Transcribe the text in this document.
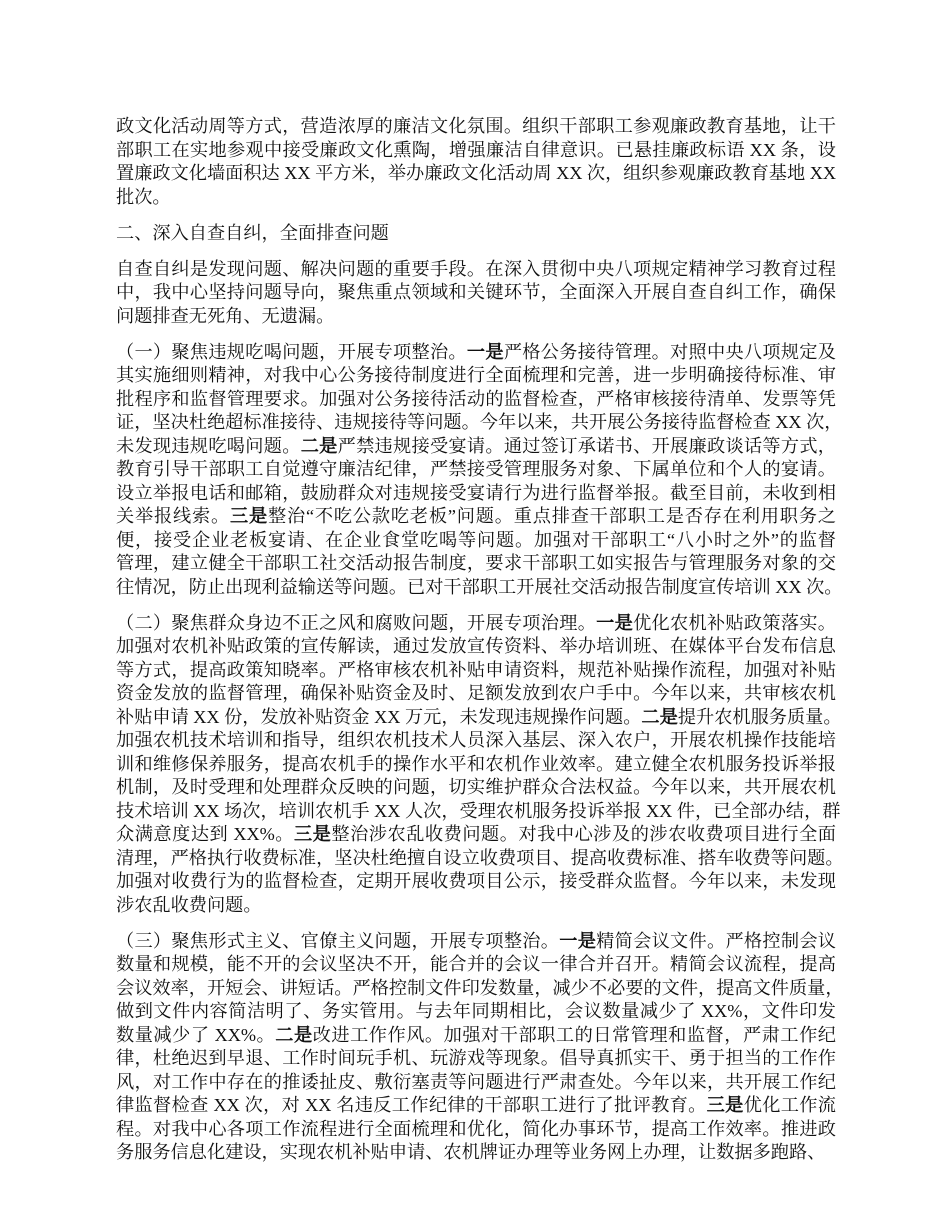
政文化活动周等方式，营造浓厚的廉洁文化氛围。组织干部职工参观廉政教育基地，让干
部职工在实地参观中接受廉政文化熏陶，增强廉洁自律意识。已悬挂廉政标语 XX 条，设
置廉政文化墙面积达 XX 平方米，举办廉政文化活动周 XX 次，组织参观廉政教育基地 XX
批次。
二、深入自查自纠，全面排查问题
自查自纠是发现问题、解决问题的重要手段。在深入贯彻中央八项规定精神学习教育过程
中，我中心坚持问题导向，聚焦重点领域和关键环节，全面深入开展自查自纠工作，确保
问题排查无死角、无遗漏。
（一）聚焦违规吃喝问题，开展专项整治。一是严格公务接待管理。对照中央八项规定及
其实施细则精神，对我中心公务接待制度进行全面梳理和完善，进一步明确接待标准、审
批程序和监督管理要求。加强对公务接待活动的监督检查，严格审核接待清单、发票等凭
证，坚决杜绝超标准接待、违规接待等问题。今年以来，共开展公务接待监督检查 XX 次，
未发现违规吃喝问题。二是严禁违规接受宴请。通过签订承诺书、开展廉政谈话等方式，
教育引导干部职工自觉遵守廉洁纪律，严禁接受管理服务对象、下属单位和个人的宴请。
设立举报电话和邮箱，鼓励群众对违规接受宴请行为进行监督举报。截至目前，未收到相
关举报线索。三是整治“不吃公款吃老板”问题。重点排查干部职工是否存在利用职务之
便，接受企业老板宴请、在企业食堂吃喝等问题。加强对干部职工“八小时之外”的监督
管理，建立健全干部职工社交活动报告制度，要求干部职工如实报告与管理服务对象的交
往情况，防止出现利益输送等问题。已对干部职工开展社交活动报告制度宣传培训 XX 次。
（二）聚焦群众身边不正之风和腐败问题，开展专项治理。一是优化农机补贴政策落实。
加强对农机补贴政策的宣传解读，通过发放宣传资料、举办培训班、在媒体平台发布信息
等方式，提高政策知晓率。严格审核农机补贴申请资料，规范补贴操作流程，加强对补贴
资金发放的监督管理，确保补贴资金及时、足额发放到农户手中。今年以来，共审核农机
补贴申请 XX 份，发放补贴资金 XX 万元，未发现违规操作问题。二是提升农机服务质量。
加强农机技术培训和指导，组织农机技术人员深入基层、深入农户，开展农机操作技能培
训和维修保养服务，提高农机手的操作水平和农机作业效率。建立健全农机服务投诉举报
机制，及时受理和处理群众反映的问题，切实维护群众合法权益。今年以来，共开展农机
技术培训 XX 场次，培训农机手 XX 人次，受理农机服务投诉举报 XX 件，已全部办结，群
众满意度达到 XX%。三是整治涉农乱收费问题。对我中心涉及的涉农收费项目进行全面
清理，严格执行收费标准，坚决杜绝擅自设立收费项目、提高收费标准、搭车收费等问题。
加强对收费行为的监督检查，定期开展收费项目公示，接受群众监督。今年以来，未发现
涉农乱收费问题。
（三）聚焦形式主义、官僚主义问题，开展专项整治。一是精简会议文件。严格控制会议
数量和规模，能不开的会议坚决不开，能合并的会议一律合并召开。精简会议流程，提高
会议效率，开短会、讲短话。严格控制文件印发数量，减少不必要的文件，提高文件质量，
做到文件内容简洁明了、务实管用。与去年同期相比，会议数量减少了 XX%，文件印发
数量减少了 XX%。二是改进工作作风。加强对干部职工的日常管理和监督，严肃工作纪
律，杜绝迟到早退、工作时间玩手机、玩游戏等现象。倡导真抓实干、勇于担当的工作作
风，对工作中存在的推诿扯皮、敷衍塞责等问题进行严肃查处。今年以来，共开展工作纪
律监督检查 XX 次，对 XX 名违反工作纪律的干部职工进行了批评教育。三是优化工作流
程。对我中心各项工作流程进行全面梳理和优化，简化办事环节，提高工作效率。推进政
务服务信息化建设，实现农机补贴申请、农机牌证办理等业务网上办理，让数据多跑路、
